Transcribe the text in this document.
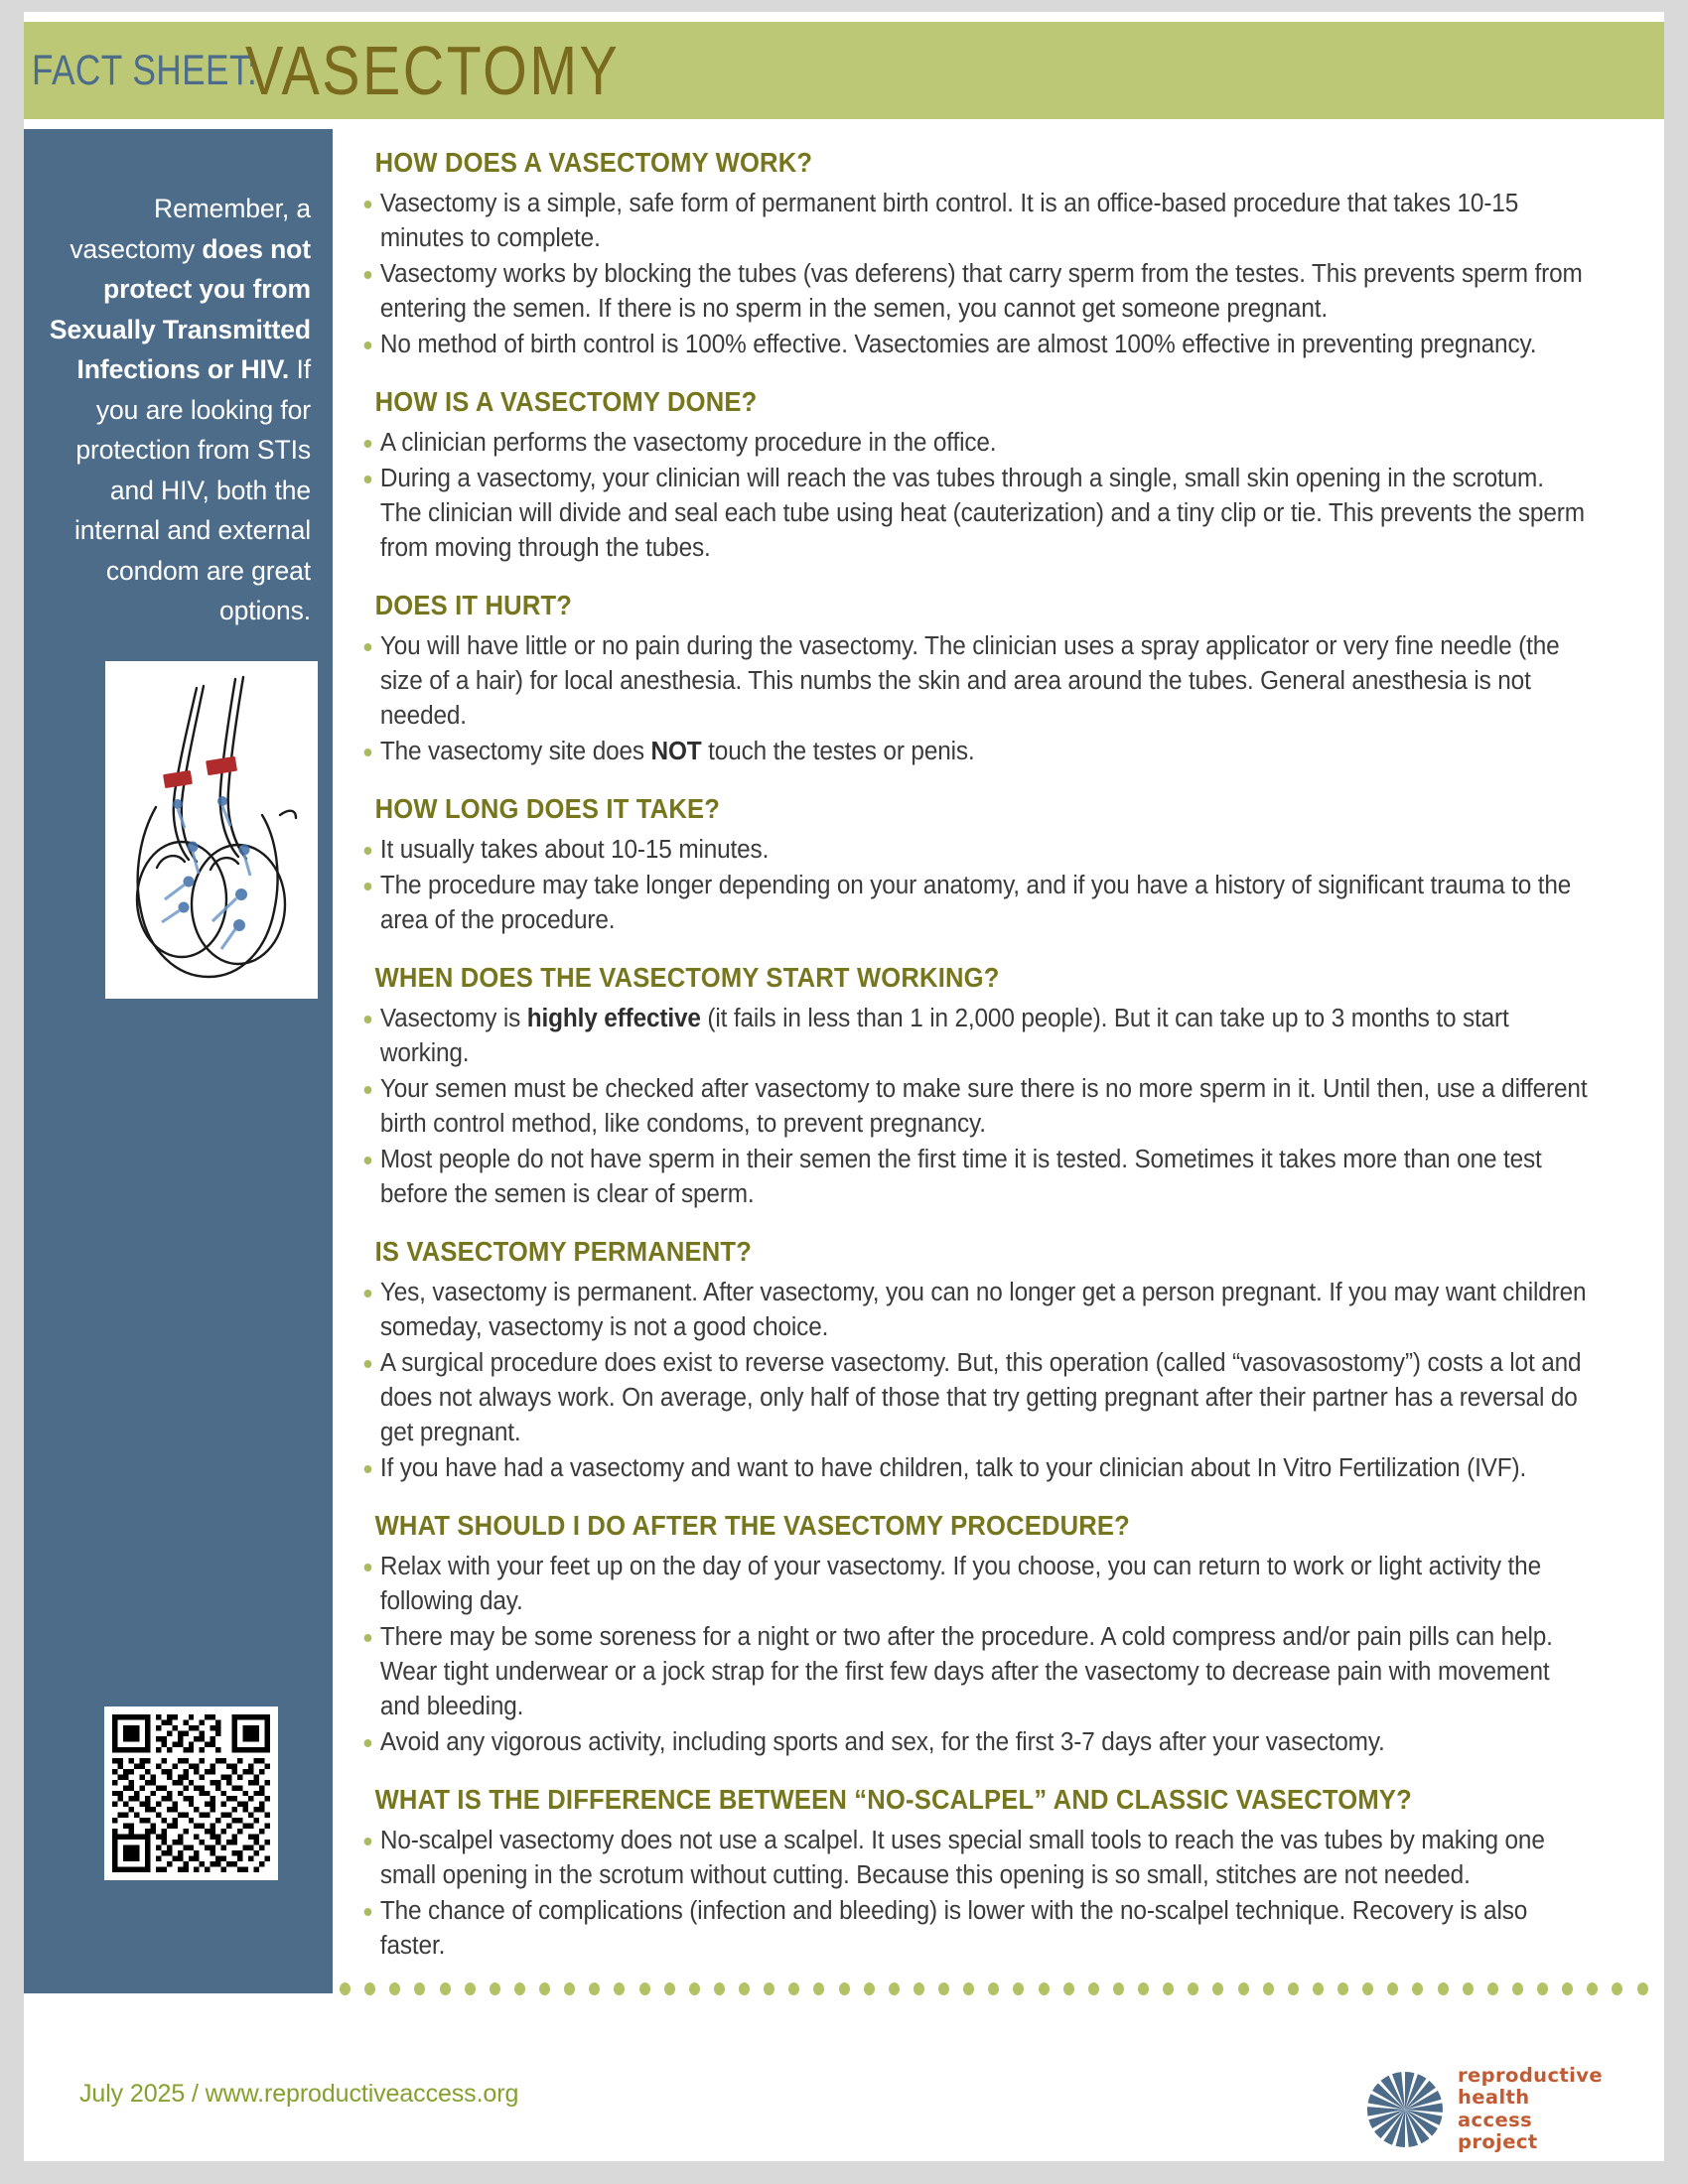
FACT SHEET:
VASECTOMY
Remember, a vasectomy does not protect you from Sexually Transmitted Infections or HIV. If you are looking for protection from STIs and HIV, both the internal and external condom are great options.
HOW DOES A VASECTOMY WORK?
Vasectomy is a simple, safe form of permanent birth control. It is an office-based procedure that takes 10-15 minutes to complete.
Vasectomy works by blocking the tubes (vas deferens) that carry sperm from the testes. This prevents sperm from entering the semen. If there is no sperm in the semen, you cannot get someone pregnant.
No method of birth control is 100% effective. Vasectomies are almost 100% effective in preventing pregnancy.
HOW IS A VASECTOMY DONE?
A clinician performs the vasectomy procedure in the office.
During a vasectomy, your clinician will reach the vas tubes through a single, small skin opening in the scrotum. The clinician will divide and seal each tube using heat (cauterization) and a tiny clip or tie. This prevents the sperm from moving through the tubes.
DOES IT HURT?
You will have little or no pain during the vasectomy. The clinician uses a spray applicator or very fine needle (the size of a hair) for local anesthesia. This numbs the skin and area around the tubes. General anesthesia is not needed.
The vasectomy site does NOT touch the testes or penis.
HOW LONG DOES IT TAKE?
It usually takes about 10-15 minutes.
The procedure may take longer depending on your anatomy, and if you have a history of significant trauma to the area of the procedure.
WHEN DOES THE VASECTOMY START WORKING?
Vasectomy is highly effective (it fails in less than 1 in 2,000 people). But it can take up to 3 months to start working.
Your semen must be checked after vasectomy to make sure there is no more sperm in it. Until then, use a different birth control method, like condoms, to prevent pregnancy.
Most people do not have sperm in their semen the first time it is tested. Sometimes it takes more than one test before the semen is clear of sperm.
IS VASECTOMY PERMANENT?
Yes, vasectomy is permanent. After vasectomy, you can no longer get a person pregnant. If you may want children someday, vasectomy is not a good choice.
A surgical procedure does exist to reverse vasectomy. But, this operation (called “vasovasostomy”) costs a lot and does not always work. On average, only half of those that try getting pregnant after their partner has a reversal do get pregnant.
If you have had a vasectomy and want to have children, talk to your clinician about In Vitro Fertilization (IVF).
WHAT SHOULD I DO AFTER THE VASECTOMY PROCEDURE?
Relax with your feet up on the day of your vasectomy. If you choose, you can return to work or light activity the following day.
There may be some soreness for a night or two after the procedure. A cold compress and/or pain pills can help. Wear tight underwear or a jock strap for the first few days after the vasectomy to decrease pain with movement and bleeding.
Avoid any vigorous activity, including sports and sex, for the first 3-7 days after your vasectomy.
WHAT IS THE DIFFERENCE BETWEEN “NO-SCALPEL” AND CLASSIC VASECTOMY?
No-scalpel vasectomy does not use a scalpel. It uses special small tools to reach the vas tubes by making one small opening in the scrotum without cutting. Because this opening is so small, stitches are not needed.
The chance of complications (infection and bleeding) is lower with the no-scalpel technique. Recovery is also faster.
July 2025 / www.reproductiveaccess.org
reproductive
health
access
project
